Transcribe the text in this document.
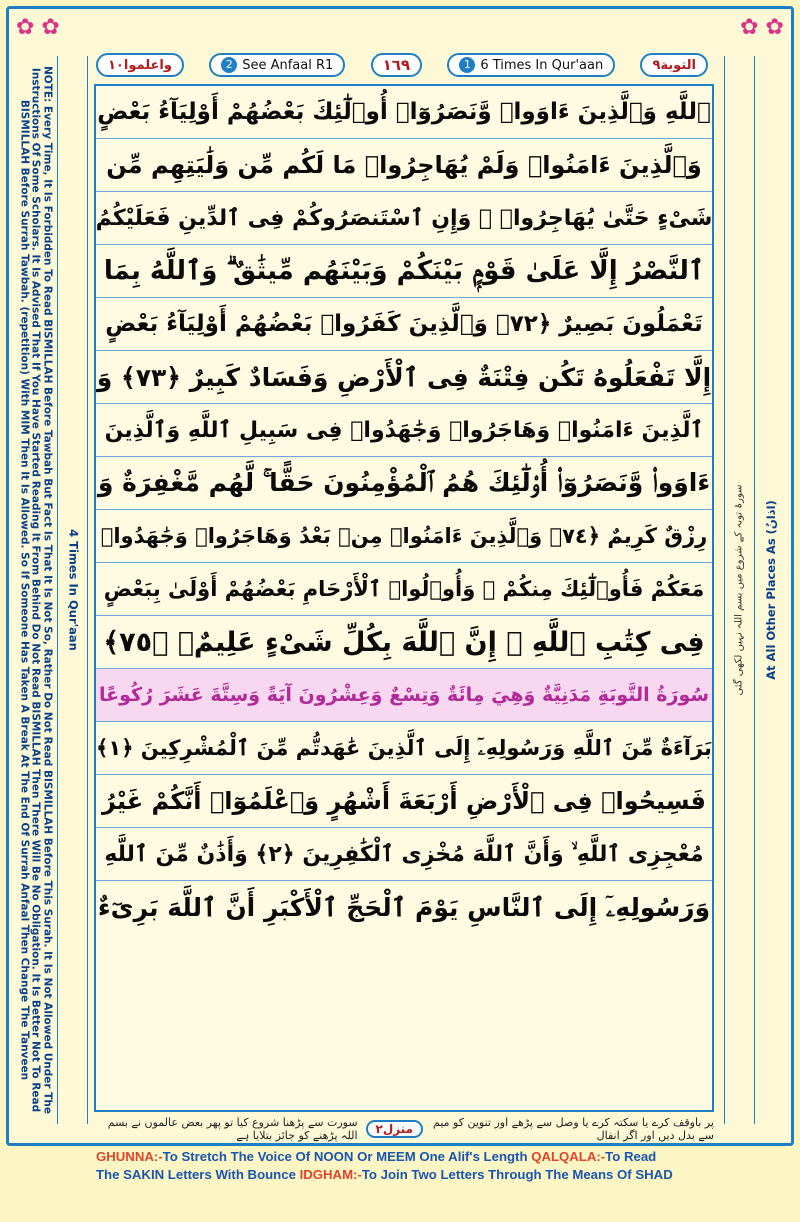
✿ ✿	✿ ✿
واعلموا١٠	2 See Anfaal R1	١٦٩	1 6 Times In Qur'aan	التوبة٩
NOTE: Every Time, It Is Forbidden To Read BISMILLAH Before Tawbah But Fact Is That It Is Not So, Rather Do Not Read BISMILLAH Before This Surah. It Is Not Allowed Under The Instructions Of Some Scholars. It Is Advised That If You Have Started Reading It From Behind Do Not Read BISMILLAH Then There Will Be No Obligation. It Is Better Not To Read BISMILLAH Before Surrah Tawbah. (repetition) With MIM Then It Is Allowed. So If Someone Has Taken A Break At The End Of Surrah Anfaal Then Change The Tanveen	4 Times In Qur'aan	سورۂ توبہ کے شروع میں بسم اللہ نہیں لکھی گئی At All Other Places As (اذانٌ)
ٱللَّهِ وَٱلَّذِينَ ءَاوَوا۟ وَّنَصَرُوٓا۟ أُو۟لَٰٓئِكَ بَعْضُهُمْ أَوْلِيَآءُ بَعْضٍ
وَٱلَّذِينَ ءَامَنُوا۟ وَلَمْ يُهَاجِرُوا۟ مَا لَكُم مِّن وَلَٰيَتِهِم مِّن
شَىْءٍ حَتَّىٰ يُهَاجِرُوا۟ ۚ وَإِنِ ٱسْتَنصَرُوكُمْ فِى ٱلدِّينِ فَعَلَيْكُمُ
ٱلنَّصْرُ إِلَّا عَلَىٰ قَوْمٍۭ بَيْنَكُمْ وَبَيْنَهُم مِّيثَٰقٌ ۗ وَٱللَّهُ بِمَا
تَعْمَلُونَ بَصِيرٌ ﴿٧٢﴾ وَٱلَّذِينَ كَفَرُوا۟ بَعْضُهُمْ أَوْلِيَآءُ بَعْضٍ
إِلَّا تَفْعَلُوهُ تَكُن فِتْنَةٌ فِى ٱلْأَرْضِ وَفَسَادٌ كَبِيرٌ ﴿٧٣﴾ وَ
ٱلَّذِينَ ءَامَنُوا۟ وَهَاجَرُوا۟ وَجَٰهَدُوا۟ فِى سَبِيلِ ٱللَّهِ وَٱلَّذِينَ
ءَاوَوا۟ وَّنَصَرُوٓا۟ أُو۟لَٰٓئِكَ هُمُ ٱلْمُؤْمِنُونَ حَقًّا ۚ لَّهُم مَّغْفِرَةٌ وَ
رِزْقٌ كَرِيمٌ ﴿٧٤﴾ وَٱلَّذِينَ ءَامَنُوا۟ مِنۢ بَعْدُ وَهَاجَرُوا۟ وَجَٰهَدُوا۟
مَعَكُمْ فَأُو۟لَٰٓئِكَ مِنكُمْ ۚ وَأُو۟لُوا۟ ٱلْأَرْحَامِ بَعْضُهُمْ أَوْلَىٰ بِبَعْضٍ
فِى كِتَٰبِ ٱللَّهِ ۗ إِنَّ ٱللَّهَ بِكُلِّ شَىْءٍ عَلِيمٌۢ ﴿٧٥﴾
سُورَةُ التَّوبَةِ مَدَنِيَّةٌ وَهِيَ مِائَةٌ وَتِسْعٌ وَعِشْرُونَ آيَةً وَسِتَّةَ عَشَرَ رُكُوعًا
بَرَآءَةٌ مِّنَ ٱللَّهِ وَرَسُولِهِۦٓ إِلَى ٱلَّذِينَ عَٰهَدتُّم مِّنَ ٱلْمُشْرِكِينَ ﴿١﴾
فَسِيحُوا۟ فِى ٱلْأَرْضِ أَرْبَعَةَ أَشْهُرٍ وَٱعْلَمُوٓا۟ أَنَّكُمْ غَيْرُ
مُعْجِزِى ٱللَّهِ ۙ وَأَنَّ ٱللَّهَ مُخْزِى ٱلْكَٰفِرِينَ ﴿٢﴾ وَأَذَٰنٌ مِّنَ ٱللَّهِ
وَرَسُولِهِۦٓ إِلَى ٱلنَّاسِ يَوْمَ ٱلْحَجِّ ٱلْأَكْبَرِ أَنَّ ٱللَّهَ بَرِىٓءٌ
پر باوقف کرے یا سکتہ کرے یا وصل سے پڑھے اور تنوین کو میم سے بدل دیں اور اگر انفال
منزل٢
سورت سے پڑھنا شروع کیا تو پھر بعض عالموں نے بسم اللہ پڑھنے کو جائز بتلایا ہے
GHUNNA:-To Stretch The Voice Of NOON Or MEEM One Alif's Length QALQALA:-To Read
The SAKIN Letters With Bounce IDGHAM:-To Join Two Letters Through The Means Of SHAD
